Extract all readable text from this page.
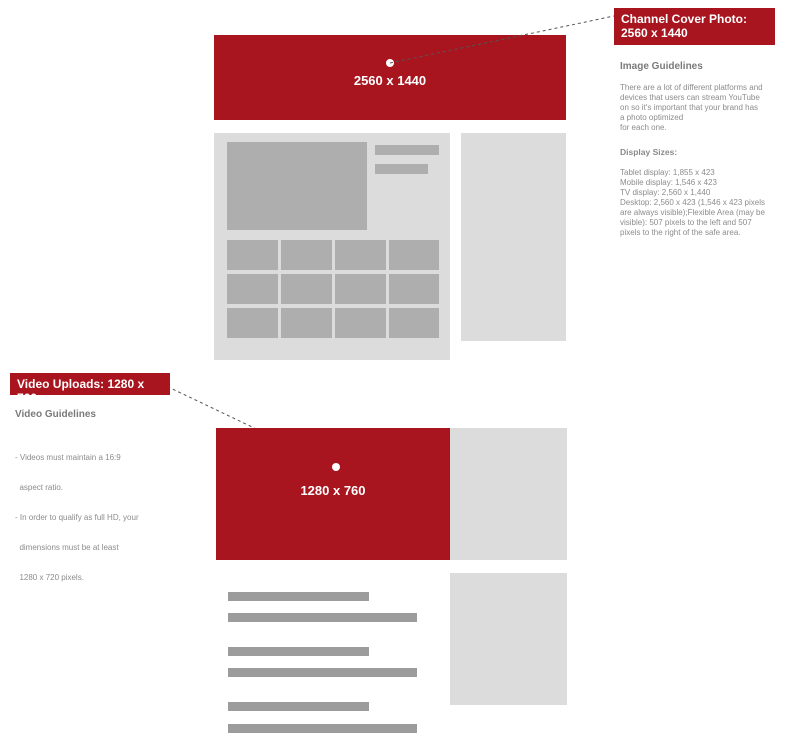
2560 x 1440
Channel Cover Photo:
2560 x 1440
Image Guidelines
There are a lot of different platforms and
devices that users can stream YouTube
on so it's important that your brand has
a photo optimized
for each one.
Display Sizes:
Tablet display: 1,855 x 423
Mobile display: 1,546 x 423
TV display: 2,560 x 1,440
Desktop: 2,560 x 423 (1,546 x 423 pixels
are always visible);Flexible Area (may be
visible): 507 pixels to the left and 507
pixels to the right of the safe area.
Video Uploads: 1280 x 760
Video Guidelines

- Videos must maintain a 16:9

aspect ratio.

- In order to qualify as full HD, your

dimensions must be at least

1280 x 720 pixels.

1280 x 760
